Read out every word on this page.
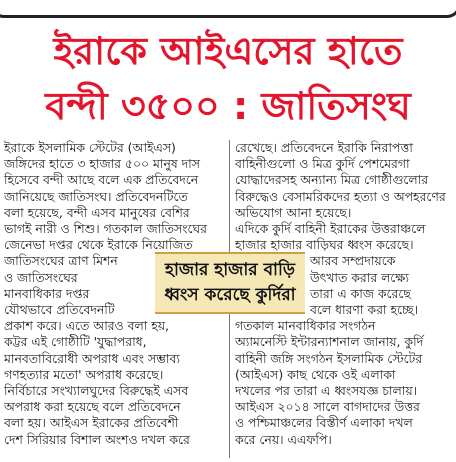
ইরাকে আইএসের হাতে
বন্দী ৩৫০০ : জাতিসংঘ
ইরাকে ইসলামিক স্টেটের (আইএস)
জঙ্গিদের হাতে ৩ হাজার ৫০০ মানুষ দাস
হিসেবে বন্দী আছে বলে এক প্রতিবেদনে
জানিয়েছে জাতিসংঘ। প্রতিবেদনটিতে
বলা হয়েছে, বন্দী এসব মানুষের বেশির
ভাগই নারী ও শিশু। গতকাল জাতিসংঘের
জেনেভা দপ্তর থেকে ইরাকে নিয়োজিত
জাতিসংঘের ত্রাণ মিশন
ও জাতিসংঘের
মানবাধিকার দপ্তর
যৌথভাবে প্রতিবেদনটি
প্রকাশ করে। এতে আরও বলা হয়,
কট্টর এই গোষ্ঠীটি 'যুদ্ধাপরাধ,
মানবতাবিরোধী অপরাধ এবং সম্ভাব্য
গণহত্যার মতো' অপরাধ করেছে।
নির্বিচারে সংখ্যালঘুদের বিরুদ্ধেই এসব
অপরাধ করা হয়েছে বলে প্রতিবেদনে
বলা হয়। আইএস ইরাকের প্রতিবেশী
দেশ সিরিয়ার বিশাল অংশও দখল করে
রেখেছে। প্রতিবেদনে ইরাকি নিরাপত্তা
বাহিনীগুলো ও মিত্র কুর্দি পেশমেরগা
যোদ্ধাদেরসহ অন্যান্য মিত্র গোষ্ঠীগুলোর
বিরুদ্ধেও বেসামরিকদের হত্যা ও অপহরণের
অভিযোগ আনা হয়েছে।
এদিকে কুর্দি বাহিনী ইরাকের উত্তরাঞ্চলে
হাজার হাজার বাড়িঘর ধ্বংস করেছে।
আরব সম্প্রদায়কে
উৎখাত করার লক্ষ্যে
তারা এ কাজ করেছে
বলে ধারণা করা হচ্ছে।
গতকাল মানবাধিকার সংগঠন
অ্যামনেস্টি ইন্টারন্যাশনাল জানায়, কুর্দি
বাহিনী জঙ্গি সংগঠন ইসলামিক স্টেটের
(আইএস) কাছ থেকে ওই এলাকা
দখলের পর তারা এ ধ্বংসযজ্ঞ চালায়।
আইএস ২০১৪ সালে বাগদাদের উত্তর
ও পশ্চিমাঞ্চলের বিস্তীর্ণ এলাকা দখল
করে নেয়। এএফপি।
হাজার হাজার বাড়ি
ধ্বংস করেছে কুর্দিরা
